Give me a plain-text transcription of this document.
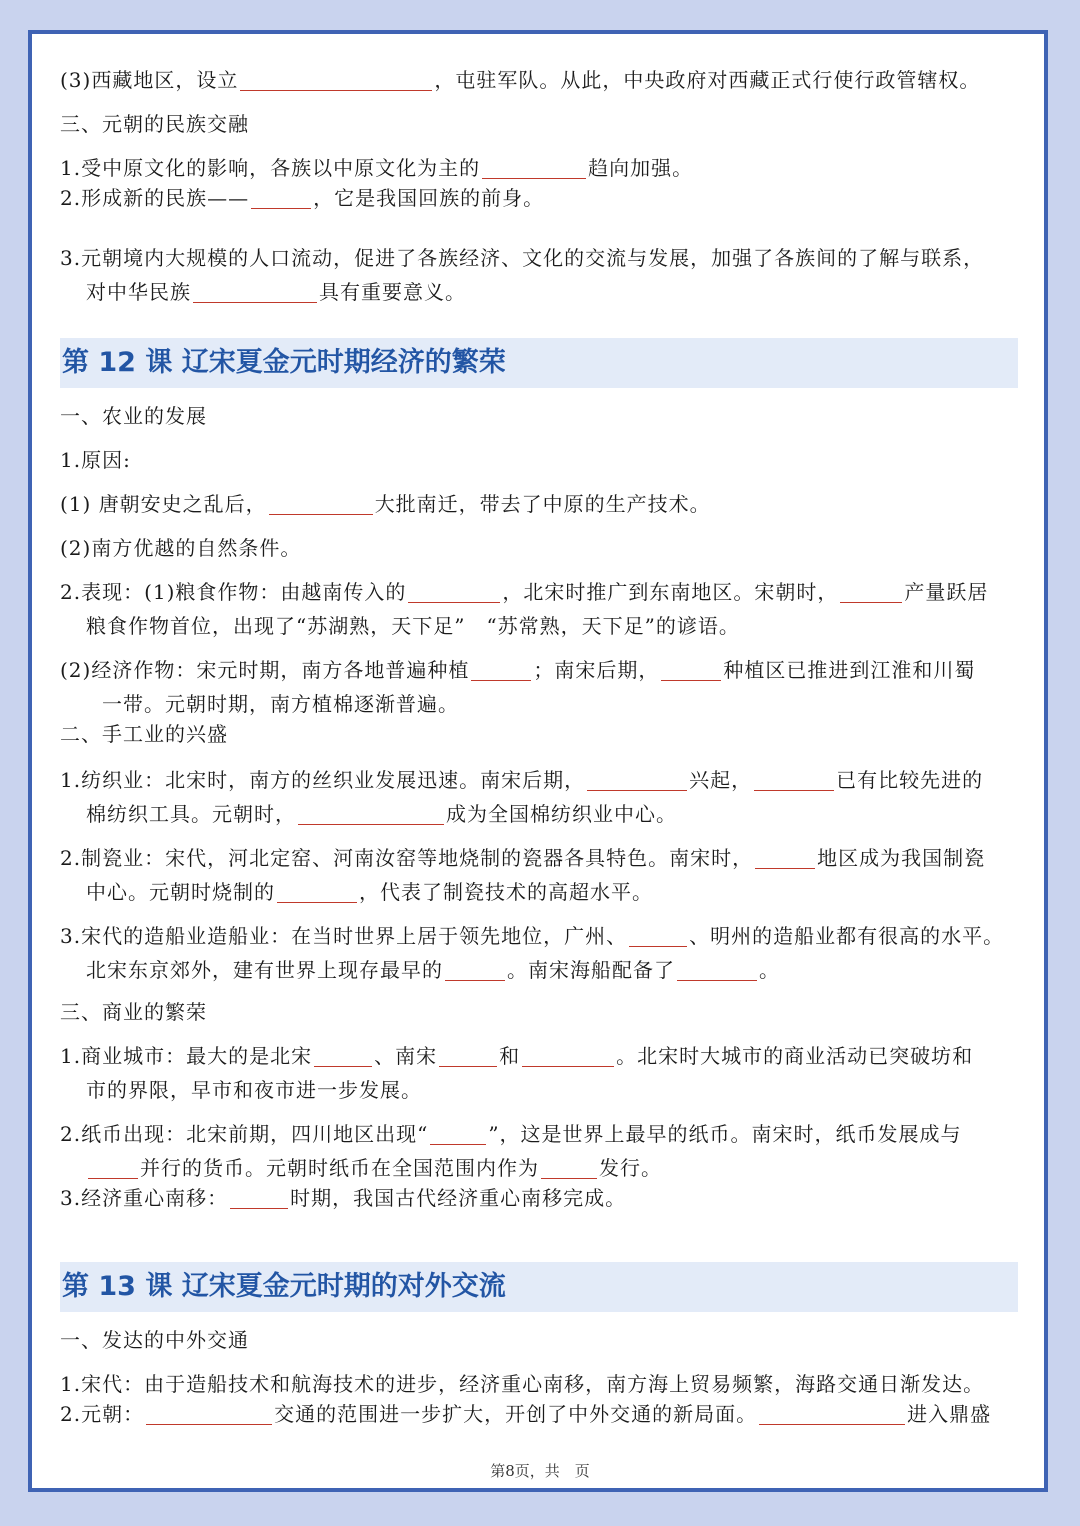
(3)西藏地区，设立	，屯驻军队。从此，中央政府对西藏正式行使行政管辖权。
三、元朝的民族交融
1.受中原文化的影响，各族以中原文化为主的	趋向加强。
2.形成新的民族——	，它是我国回族的前身。
3.元朝境内大规模的人口流动，促进了各族经济、文化的交流与发展，加强了各族间的了解与联系，
对中华民族	具有重要意义。
第 12 课 辽宋夏金元时期经济的繁荣
一、农业的发展
1.原因:
(1) 唐朝安史之乱后，	大批南迁，带去了中原的生产技术。
(2)南方优越的自然条件。
2.表现：(1)粮食作物：由越南传入的	，北宋时推广到东南地区。宋朝时，	产量跃居
粮食作物首位，出现了“苏湖熟，天下足”　“苏常熟，天下足”的谚语。
(2)经济作物：宋元时期，南方各地普遍种植	；南宋后期，	种植区已推进到江淮和川蜀
一带。元朝时期，南方植棉逐渐普遍。
二、手工业的兴盛
1.纺织业：北宋时，南方的丝织业发展迅速。南宋后期，	兴起，	已有比较先进的
棉纺织工具。元朝时，	成为全国棉纺织业中心。
2.制瓷业：宋代，河北定窑、河南汝窑等地烧制的瓷器各具特色。南宋时，	地区成为我国制瓷
中心。元朝时烧制的	，代表了制瓷技术的高超水平。
3.宋代的造船业造船业：在当时世界上居于领先地位，广州、	、明州的造船业都有很高的水平。
北宋东京郊外，建有世界上现存最早的	。南宋海船配备了	。
三、商业的繁荣
1.商业城市：最大的是北宋	、南宋	和	。北宋时大城市的商业活动已突破坊和
市的界限，早市和夜市进一步发展。
2.纸币出现：北宋前期，四川地区出现“	”，这是世界上最早的纸币。南宋时，纸币发展成与
并行的货币。元朝时纸币在全国范围内作为	发行。
3.经济重心南移：	时期，我国古代经济重心南移完成。
第 13 课 辽宋夏金元时期的对外交流
一、发达的中外交通
1.宋代：由于造船技术和航海技术的进步，经济重心南移，南方海上贸易频繁，海路交通日渐发达。
2.元朝：	交通的范围进一步扩大，开创了中外交通的新局面。	进入鼎盛
第8页，共　页
